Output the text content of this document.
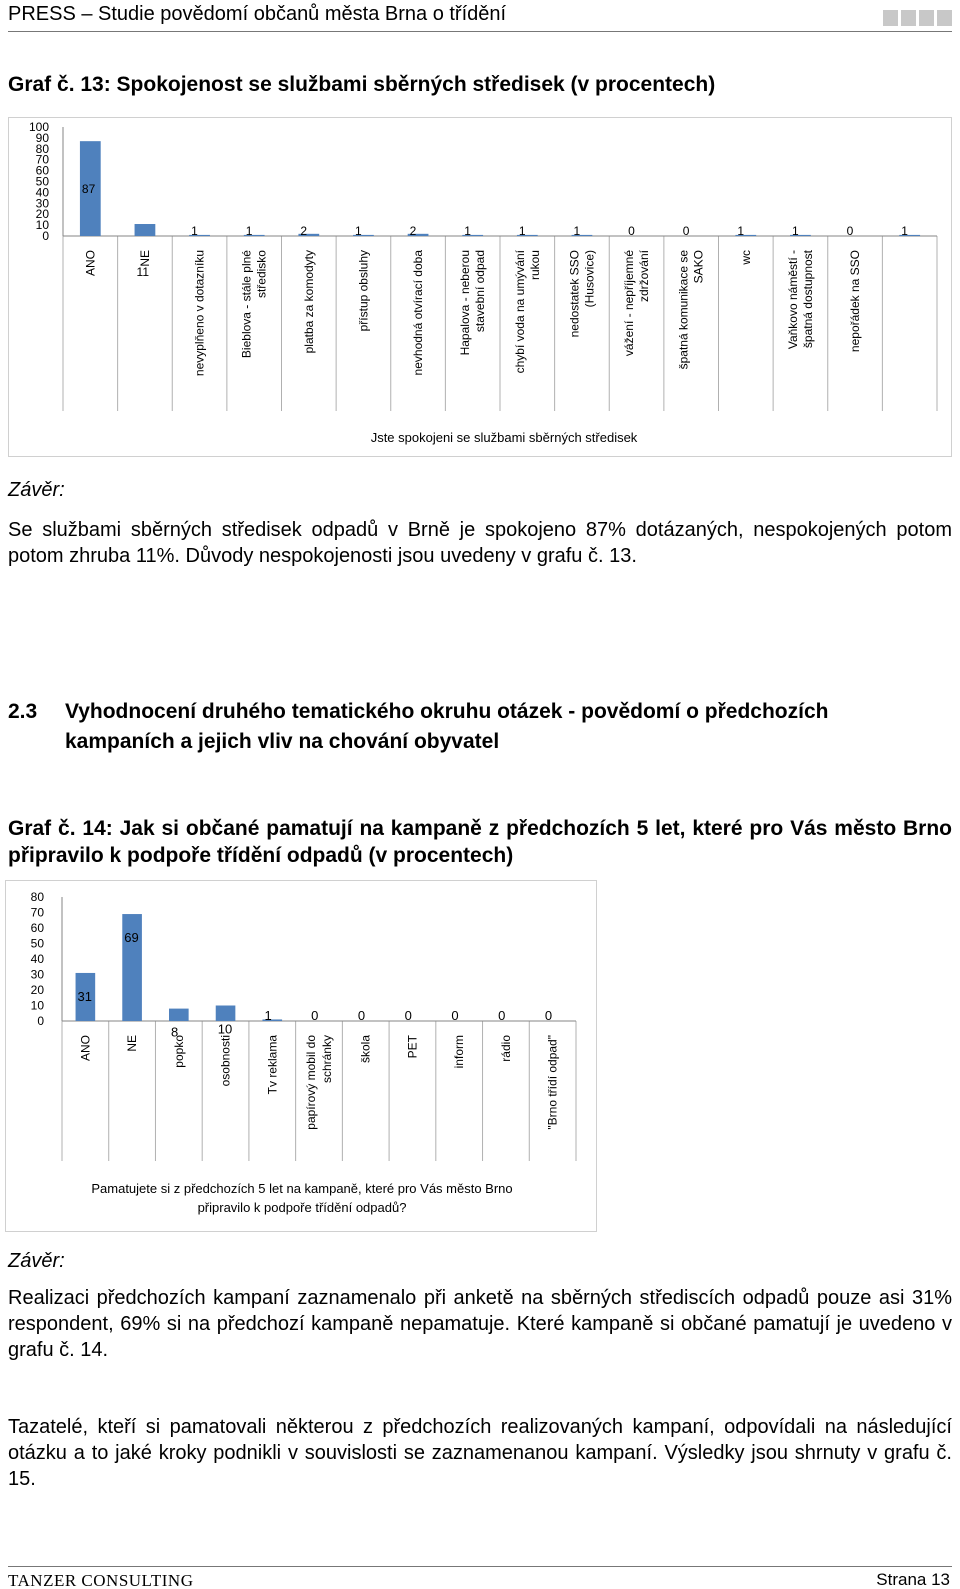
PRESS – Studie povědomí občanů města Brna o třídění
Graf č. 13: Spokojenost se službami sběrných středisek (v procentech)
0
10
20
30
40
50
60
70
80
90
100
87
ANO	11
NE
1
nevyplňeno v dotazníku
1
Bieblova - stále plné středisko
2
platba za komodyty
1
přístup obsluhy
2
nevhodná otvírací doba
1
Hapalova - neberou stavební odpad
1
chybí voda na umývání rukou
1
nedostatek SSO (Husovice)
0
vážení - nepříjemné zdržování
0
špatná komunikace se SAKO
1
wc
1
Vaňkovo náměstí - špatná dostupnost
0
nepořádek na SSO
1
Jste spokojeni se službami sběrných středisek
Závěr:
Se službami sběrných středisek odpadů v Brně je spokojeno 87% dotázaných, nespokojených potom potom zhruba 11%. Důvody nespokojenosti jsou uvedeny v grafu č. 13.
2.3 Vyhodnocení druhého tematického okruhu otázek - povědomí o předchozích
kampaních a jejich vliv na chování obyvatel
Graf č. 14: Jak si občané pamatují na kampaně z předchozích 5 let, které pro Vás město Brno připravilo k podpoře třídění odpadů (v procentech)
0
10
20
30
40
50
60
70
80
31
ANO
69
NE
8
popko
10
osobnosti
1
Tv reklama
0
papírový mobil do schránky
0
škola
0
PET
0
inform
0
rádio
0
"Brno třídí odpad"
Pamatujete si z předchozích 5 let na kampaně, které pro Vás město Brno
připravilo k podpoře třídění odpadů?
Závěr:
Realizaci předchozích kampaní zaznamenalo při anketě na sběrných střediscích odpadů pouze asi 31% respondent, 69% si na předchozí kampaně nepamatuje. Které kampaně si občané pamatují je uvedeno v grafu č. 14.
Tazatelé, kteří si pamatovali některou z předchozích realizovaných kampaní, odpovídali na následující otázku a to jaké kroky podnikli v souvislosti se zaznamenanou kampaní. Výsledky jsou shrnuty v grafu č. 15.
TANZER CONSULTING	Strana 13
